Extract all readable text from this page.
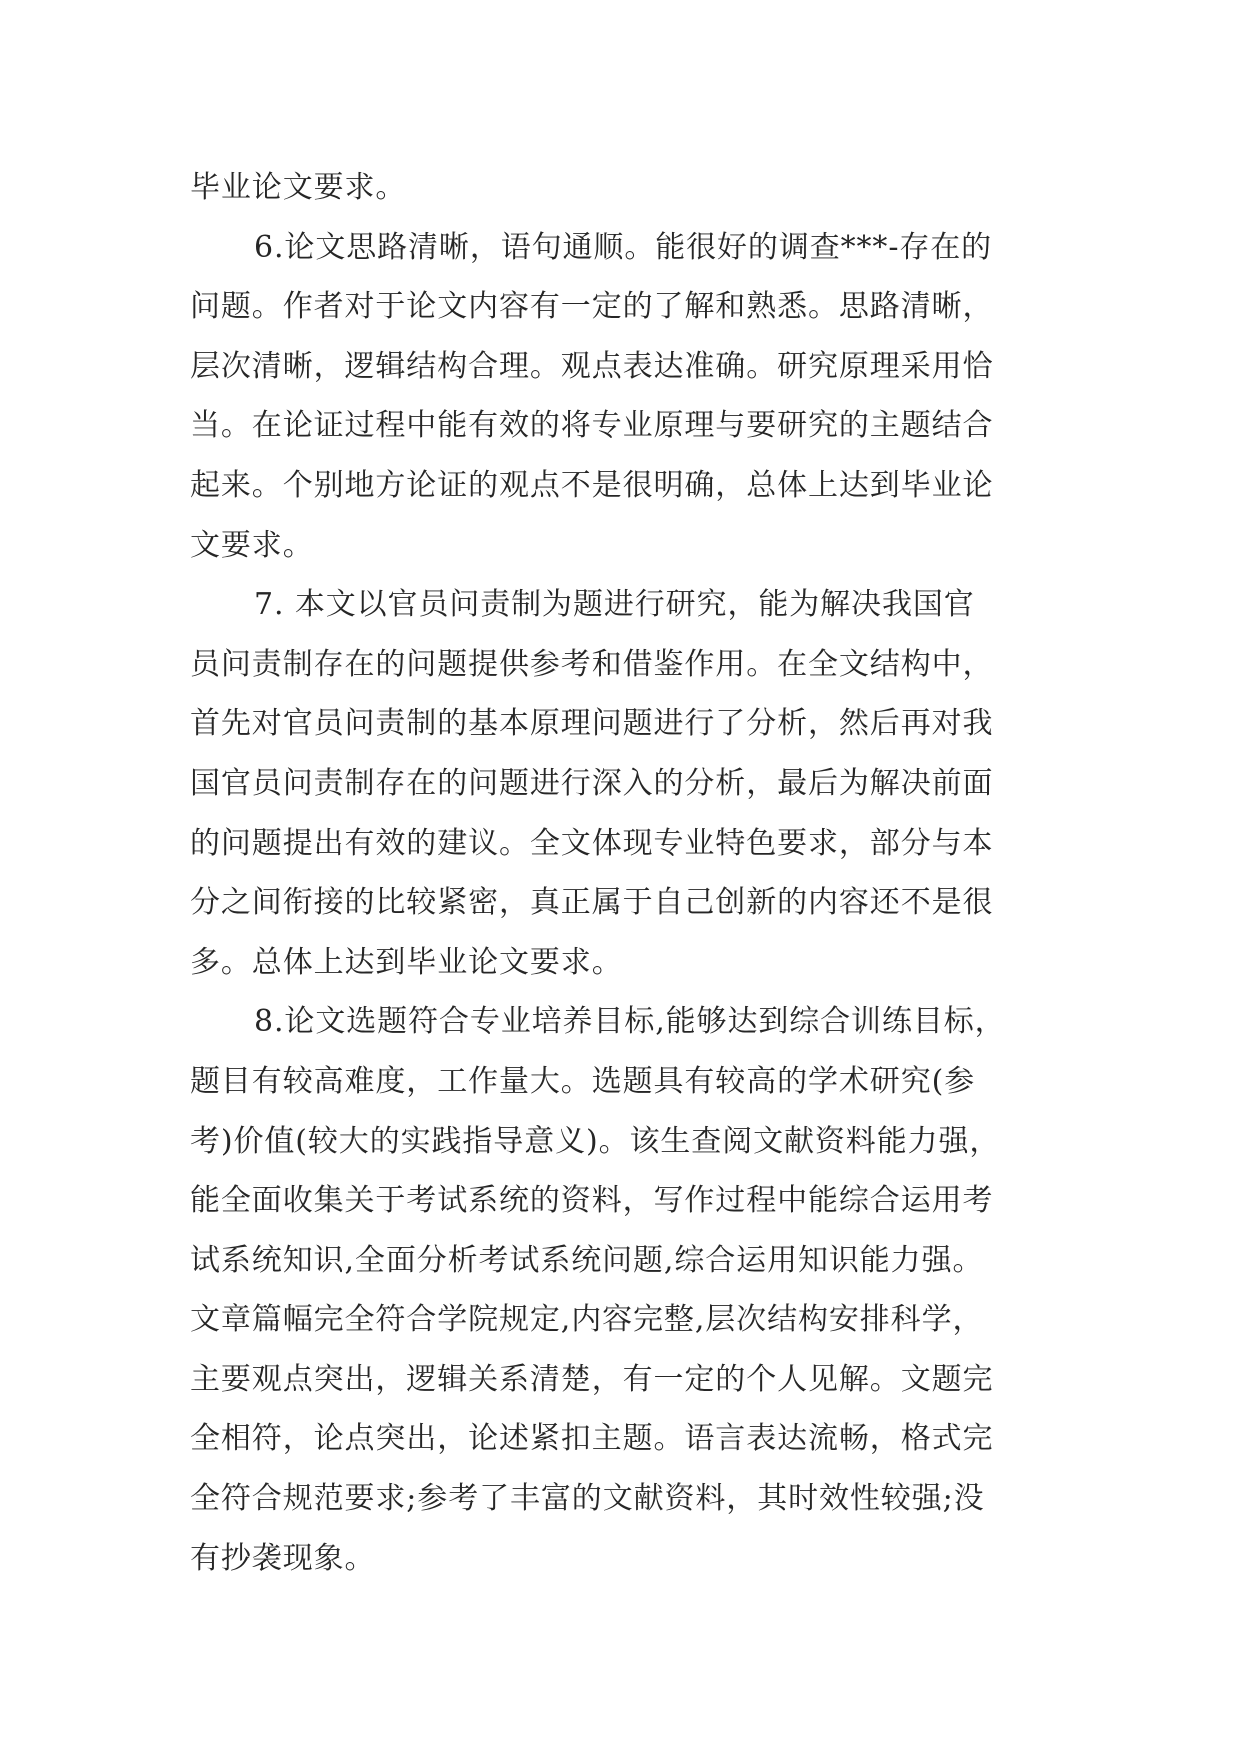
毕业论文要求。
6.论文思路清晰，语句通顺。能很好的调查***-存在的
问题。作者对于论文内容有一定的了解和熟悉。思路清晰，
层次清晰，逻辑结构合理。观点表达准确。研究原理采用恰
当。在论证过程中能有效的将专业原理与要研究的主题结合
起来。个别地方论证的观点不是很明确，总体上达到毕业论
文要求。
7. 本文以官员问责制为题进行研究，能为解决我国官
员问责制存在的问题提供参考和借鉴作用。在全文结构中，
首先对官员问责制的基本原理问题进行了分析，然后再对我
国官员问责制存在的问题进行深入的分析，最后为解决前面
的问题提出有效的建议。全文体现专业特色要求，部分与本
分之间衔接的比较紧密，真正属于自己创新的内容还不是很
多。总体上达到毕业论文要求。
8.论文选题符合专业培养目标,能够达到综合训练目标，
题目有较高难度，工作量大。选题具有较高的学术研究(参
考)价值(较大的实践指导意义)。该生查阅文献资料能力强，
能全面收集关于考试系统的资料，写作过程中能综合运用考
试系统知识,全面分析考试系统问题,综合运用知识能力强。
文章篇幅完全符合学院规定,内容完整,层次结构安排科学，
主要观点突出，逻辑关系清楚，有一定的个人见解。文题完
全相符，论点突出，论述紧扣主题。语言表达流畅，格式完
全符合规范要求;参考了丰富的文献资料，其时效性较强;没
有抄袭现象。
